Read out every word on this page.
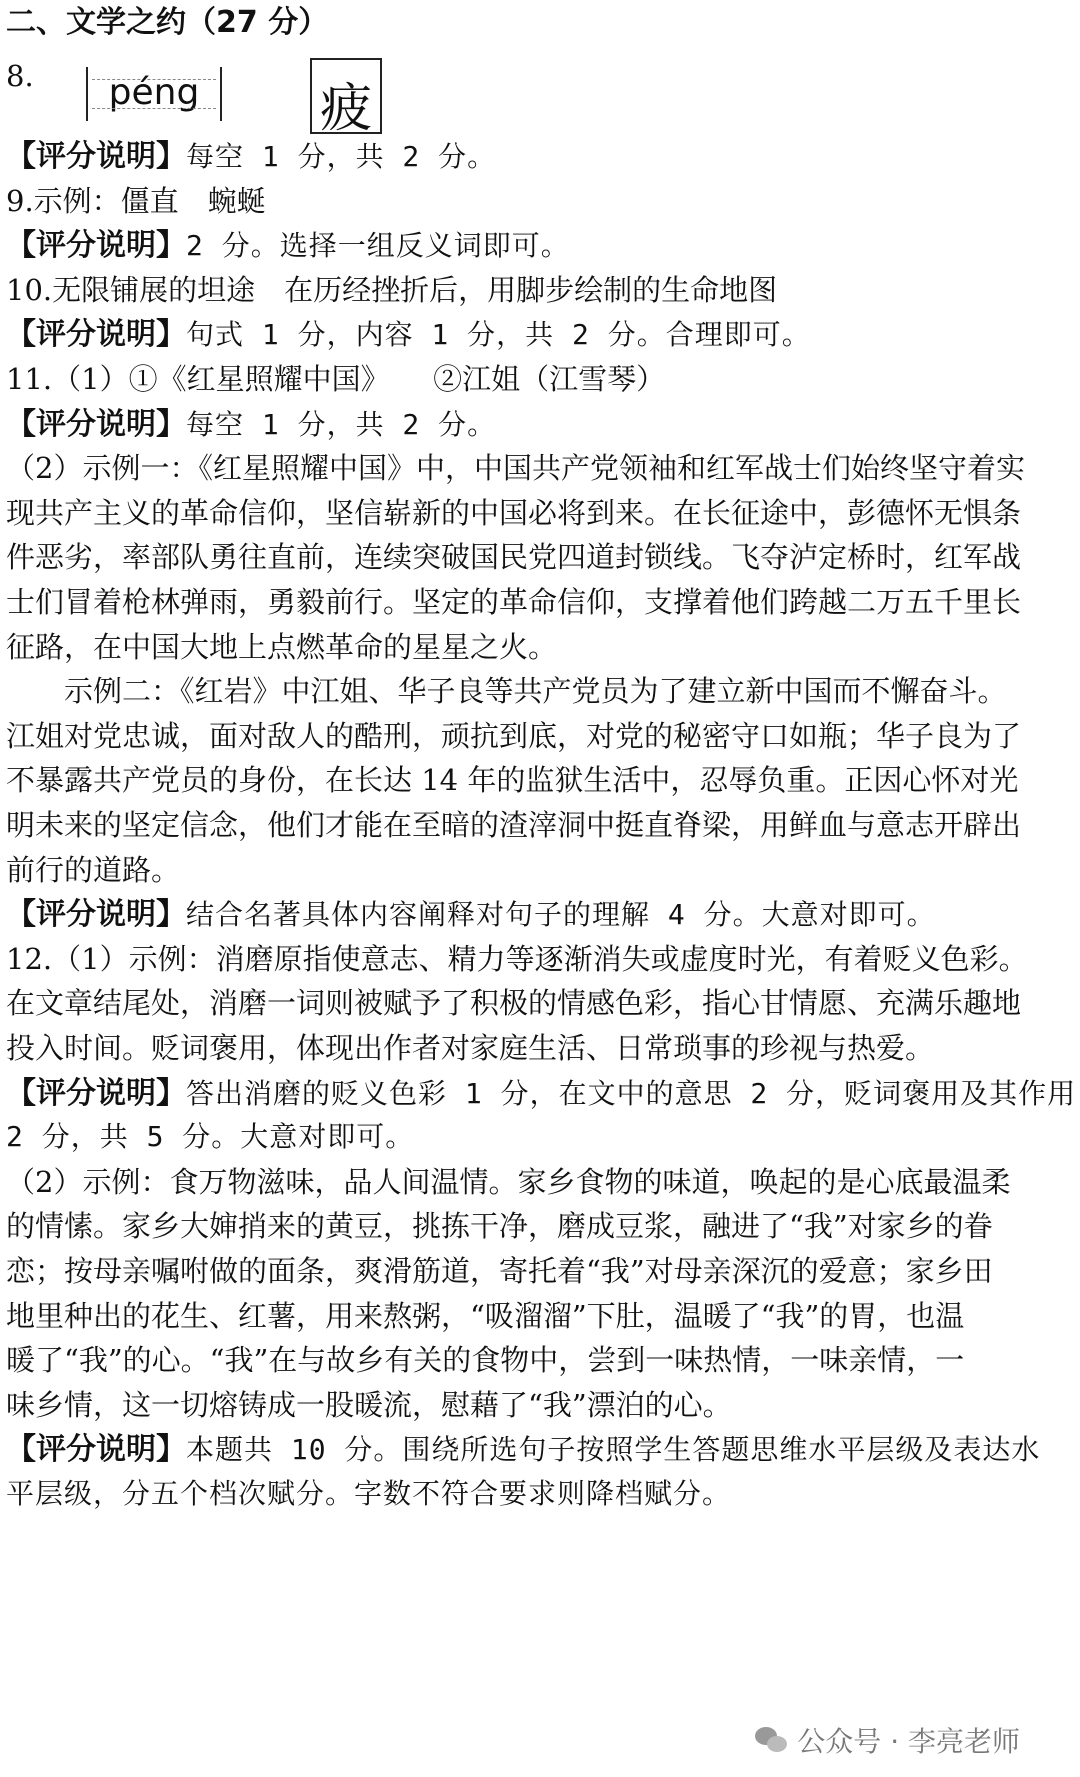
二、文学之约（27 分）
8.	péng	疲
【评分说明】每空 1 分，共 2 分。
9.示例：僵直　蜿蜒
【评分说明】2 分。选择一组反义词即可。
10.无限铺展的坦途　在历经挫折后，用脚步绘制的生命地图
【评分说明】句式 1 分，内容 1 分，共 2 分。合理即可。
11.（1）①《红星照耀中国》　　②江姐（江雪琴）
【评分说明】每空 1 分，共 2 分。
（2）示例一：《红星照耀中国》中，中国共产党领袖和红军战士们始终坚守着实
现共产主义的革命信仰，坚信崭新的中国必将到来。在长征途中，彭德怀无惧条
件恶劣，率部队勇往直前，连续突破国民党四道封锁线。飞夺泸定桥时，红军战
士们冒着枪林弹雨，勇毅前行。坚定的革命信仰，支撑着他们跨越二万五千里长
征路，在中国大地上点燃革命的星星之火。
示例二：《红岩》中江姐、华子良等共产党员为了建立新中国而不懈奋斗。
江姐对党忠诚，面对敌人的酷刑，顽抗到底，对党的秘密守口如瓶；华子良为了
不暴露共产党员的身份，在长达 14 年的监狱生活中，忍辱负重。正因心怀对光
明未来的坚定信念，他们才能在至暗的渣滓洞中挺直脊梁，用鲜血与意志开辟出
前行的道路。
【评分说明】结合名著具体内容阐释对句子的理解 4 分。大意对即可。
12.（1）示例：消磨原指使意志、精力等逐渐消失或虚度时光，有着贬义色彩。
在文章结尾处，消磨一词则被赋予了积极的情感色彩，指心甘情愿、充满乐趣地
投入时间。贬词褒用，体现出作者对家庭生活、日常琐事的珍视与热爱。
【评分说明】答出消磨的贬义色彩 1 分，在文中的意思 2 分，贬词褒用及其作用
2 分，共 5 分。大意对即可。
（2）示例：食万物滋味，品人间温情。家乡食物的味道，唤起的是心底最温柔
的情愫。家乡大婶捎来的黄豆，挑拣干净，磨成豆浆，融进了“我”对家乡的眷
恋；按母亲嘱咐做的面条，爽滑筋道，寄托着“我”对母亲深沉的爱意；家乡田
地里种出的花生、红薯，用来熬粥，“吸溜溜”下肚，温暖了“我”的胃，也温
暖了“我”的心。“我”在与故乡有关的食物中，尝到一味热情，一味亲情，一
味乡情，这一切熔铸成一股暖流，慰藉了“我”漂泊的心。
【评分说明】本题共 10 分。围绕所选句子按照学生答题思维水平层级及表达水
平层级，分五个档次赋分。字数不符合要求则降档赋分。
公众号 · 李亮老师
